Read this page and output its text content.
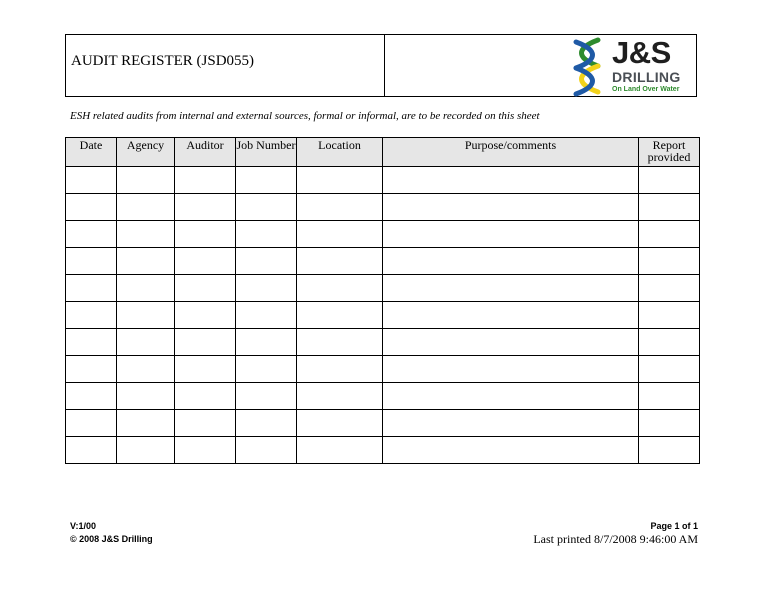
AUDIT REGISTER (JSD055)	J&S
DRILLING
On Land Over Water
ESH related audits from internal and external sources, formal or informal, are to be recorded on this sheet
Date	Agency	Auditor	Job Number	Location	Purpose/comments	Report provided

V:1/00
© 2008 J&S Drilling
Page 1 of 1
Last printed 8/7/2008 9:46:00 AM
